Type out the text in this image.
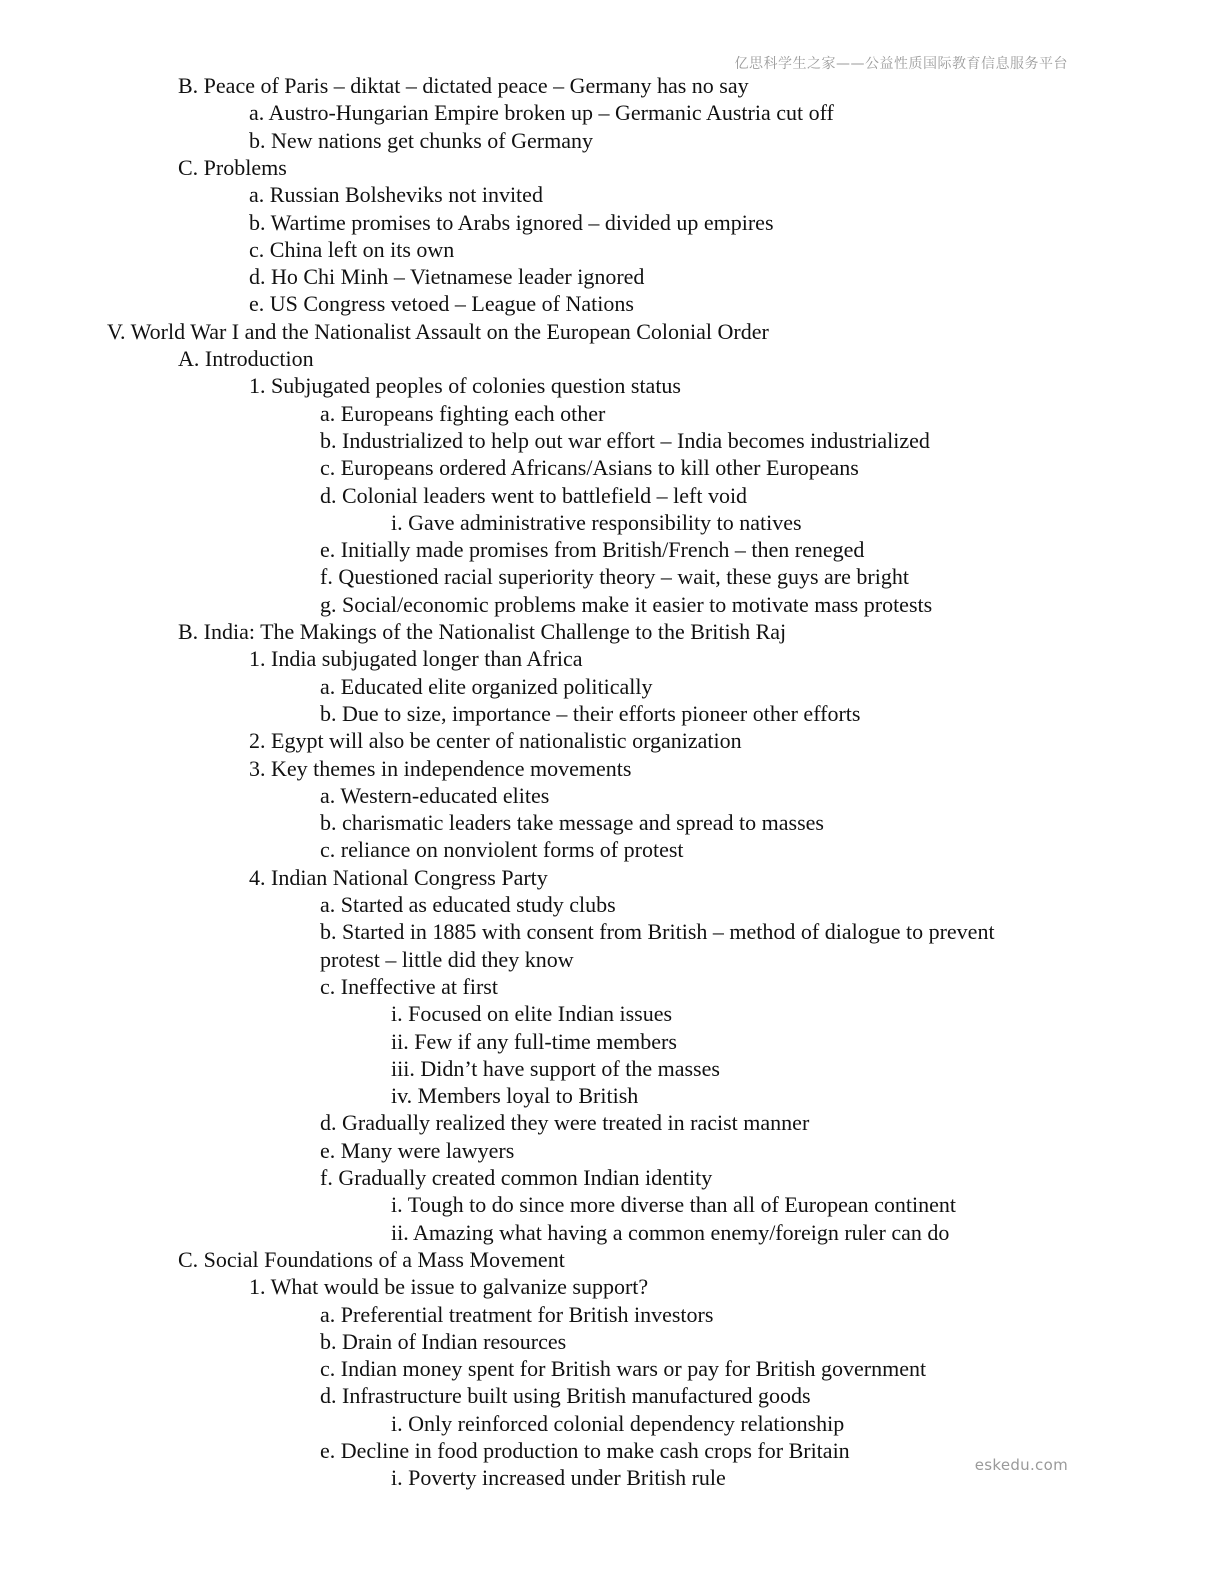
亿思科学生之家——公益性质国际教育信息服务平台
eskedu.com
B. Peace of Paris – diktat – dictated peace – Germany has no say
a. Austro-Hungarian Empire broken up – Germanic Austria cut off
b. New nations get chunks of Germany
C. Problems
a. Russian Bolsheviks not invited
b. Wartime promises to Arabs ignored – divided up empires
c. China left on its own
d. Ho Chi Minh – Vietnamese leader ignored
e. US Congress vetoed – League of Nations
V. World War I and the Nationalist Assault on the European Colonial Order
A. Introduction
1. Subjugated peoples of colonies question status
a. Europeans fighting each other
b. Industrialized to help out war effort – India becomes industrialized
c. Europeans ordered Africans/Asians to kill other Europeans
d. Colonial leaders went to battlefield – left void
i. Gave administrative responsibility to natives
e. Initially made promises from British/French – then reneged
f. Questioned racial superiority theory – wait, these guys are bright
g. Social/economic problems make it easier to motivate mass protests
B. India: The Makings of the Nationalist Challenge to the British Raj
1. India subjugated longer than Africa
a. Educated elite organized politically
b. Due to size, importance – their efforts pioneer other efforts
2. Egypt will also be center of nationalistic organization
3. Key themes in independence movements
a. Western-educated elites
b. charismatic leaders take message and spread to masses
c. reliance on nonviolent forms of protest
4. Indian National Congress Party
a. Started as educated study clubs
b. Started in 1885 with consent from British – method of dialogue to prevent
protest – little did they know
c. Ineffective at first
i. Focused on elite Indian issues
ii. Few if any full-time members
iii. Didn’t have support of the masses
iv. Members loyal to British
d. Gradually realized they were treated in racist manner
e. Many were lawyers
f. Gradually created common Indian identity
i. Tough to do since more diverse than all of European continent
ii. Amazing what having a common enemy/foreign ruler can do
C. Social Foundations of a Mass Movement
1. What would be issue to galvanize support?
a. Preferential treatment for British investors
b. Drain of Indian resources
c. Indian money spent for British wars or pay for British government
d. Infrastructure built using British manufactured goods
i. Only reinforced colonial dependency relationship
e. Decline in food production to make cash crops for Britain
i. Poverty increased under British rule
